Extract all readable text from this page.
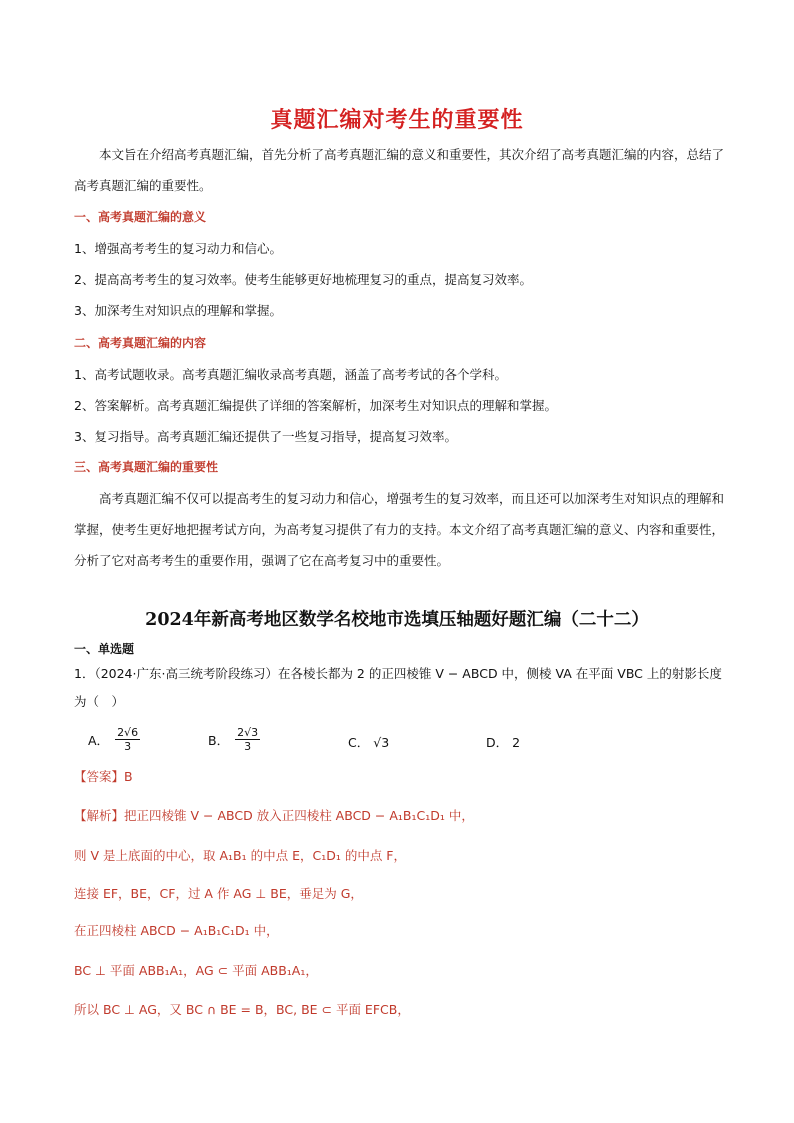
真题汇编对考生的重要性

本文旨在介绍高考真题汇编，首先分析了高考真题汇编的意义和重要性，其次介绍了高考真题汇编的内容，总结了高考真题汇编的重要性。

一、高考真题汇编的意义

1、增强高考考生的复习动力和信心。

2、提高高考考生的复习效率。使考生能够更好地梳理复习的重点，提高复习效率。

3、加深考生对知识点的理解和掌握。

二、高考真题汇编的内容

1、高考试题收录。高考真题汇编收录高考真题，涵盖了高考考试的各个学科。

2、答案解析。高考真题汇编提供了详细的答案解析，加深考生对知识点的理解和掌握。

3、复习指导。高考真题汇编还提供了一些复习指导，提高复习效率。

三、高考真题汇编的重要性

高考真题汇编不仅可以提高考生的复习动力和信心，增强考生的复习效率，而且还可以加深考生对知识点的理解和掌握，使考生更好地把握考试方向，为高考复习提供了有力的支持。本文介绍了高考真题汇编的意义、内容和重要性，分析了它对高考考生的重要作用，强调了它在高考复习中的重要性。

2024年新高考地区数学名校地市选填压轴题好题汇编（二十二）
一、单选题

1．（2024·广东·高三统考阶段练习）在各棱长都为 2 的正四棱锥 V − ABCD 中，侧棱 VA 在平面 VBC 上的射影长度为（　）

A． $\frac{2√6}{3}$	B． $\frac{2√3}{3}$	C． √3	D． 2
【答案】B
【解析】把正四棱锥 V − ABCD 放入正四棱柱 ABCD − A₁B₁C₁D₁ 中，
则 V 是上底面的中心，取 A₁B₁ 的中点 E，C₁D₁ 的中点 F，
连接 EF，BE，CF，过 A 作 AG ⊥ BE，垂足为 G，
在正四棱柱 ABCD − A₁B₁C₁D₁ 中，
BC ⊥ 平面 ABB₁A₁，AG ⊂ 平面 ABB₁A₁，
所以 BC ⊥ AG，又 BC ∩ BE = B，BC, BE ⊂ 平面 EFCB，
